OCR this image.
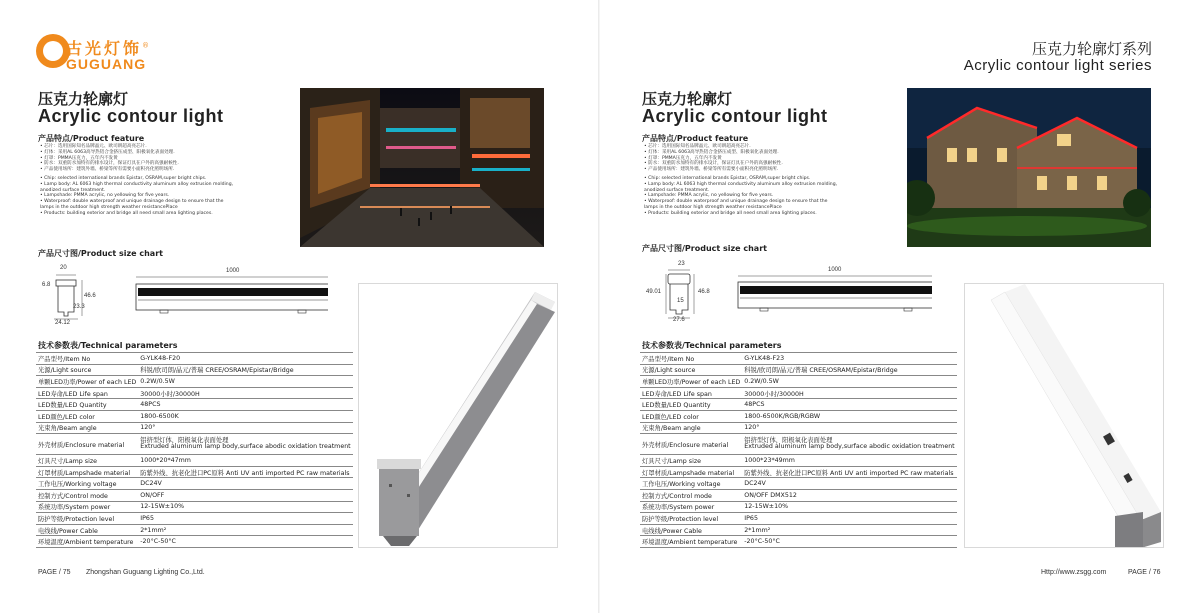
古光灯饰®
GUGUANG
压克力轮廓灯
Acrylic contour light
产品特点/Product feature
• 芯片：选用国际知名品牌晶元、欧司朗超高亮芯片.
• 灯体：采用AL 6063高导热铝合金挤压成型、阳极氧化表面处理.
• 灯罩：PMMA压克力，五年内不发黄
• 防水：双重防水加特有的排水设计，保证灯具在户外的高强耐候性.
• 产品使用场所：建筑外墙、桥梁等所有需要小面积亮化照明场所.
• Chip: selected international brands Epistar, OSRAM,super bright chips.
• Lamp body: AL 6063 high thermal conductivity aluminum alloy extrusion molding,
anodized surface treatment.
• Lampshade: PMMA acrylic, no yellowing for five years.
• Waterproof: double waterproof and unique drainage design to ensure that the
lamps in the outdoor high strength weather resistancePlace
• Products: building exterior and bridge all need small area lighting places.
产品尺寸图/Product size chart
20
6.8
46.6
23.3
24.12
1000
技术参数表/Technical parameters
产品型号/Item No	G-YLK48-F20
光源/Light source	科锐/欧司朗/晶元/普瑞 CREE/OSRAM/Epistar/Bridge
单颗LED功率/Power of each LED	0.2W/0.5W
LED寿命/LED Life span	30000小时/30000H
LED数量/LED Quantity	48PCS
LED颜色/LED color	1800-6500K
光束角/Beam angle	120°
外壳材质/Enclosure material	铝挤型灯体，阳极氧化表面处理
Extruded aluminum lamp body,surface abodic oxidation treatment

灯具尺寸/Lamp size	1000*20*47mm
灯罩材质/Lampshade material	防紫外线、抗老化进口PC原料 Anti UV anti imported PC raw materials
工作电压/Working voltage	DC24V
控制方式/Control mode	ON/OFF
系统功率/System power	12-15W±10%
防护等级/Protection level	IP65
电线线/Power Cable	2*1mm²
环境温度/Ambient temperature	-20°C-50°C
PAGE / 75 Zhongshan Guguang Lighting Co.,Ltd.
压克力轮廓灯系列
Acrylic contour light series
压克力轮廓灯
Acrylic contour light
产品特点/Product feature
• 芯片：选用国际知名品牌晶元、欧司朗超高亮芯片.
• 灯体：采用AL 6063高导热铝合金挤压成型、阳极氧化表面处理.
• 灯罩：PMMA压克力，五年内不发黄
• 防水：双重防水加特有的排水设计，保证灯具在户外的高强耐候性.
• 产品使用场所：建筑外墙、桥梁等所有需要小面积亮化照明场所.
• Chip: selected international brands Epistar, OSRAM,super bright chips.
• Lamp body: AL 6063 high thermal conductivity aluminum alloy extrusion molding,
anodized surface treatment.
• Lampshade: PMMA acrylic, no yellowing for five years.
• Waterproof: double waterproof and unique drainage design to ensure that the
lamps in the outdoor high strength weather resistancePlace
• Products: building exterior and bridge all need small area lighting places.
产品尺寸图/Product size chart
23
49.01	46.8
15
27.6
1000
技术参数表/Technical parameters
产品型号/Item No	G-YLK48-F23
光源/Light source	科锐/欧司朗/晶元/普瑞 CREE/OSRAM/Epistar/Bridge
单颗LED功率/Power of each LED	0.2W/0.5W
LED寿命/LED Life span	30000小时/30000H
LED数量/LED Quantity	48PCS
LED颜色/LED color	1800-6500K/RGB/RGBW
光束角/Beam angle	120°
外壳材质/Enclosure material	铝挤型灯体，阳极氧化表面处理
Extruded aluminum lamp body,surface abodic oxidation treatment

灯具尺寸/Lamp size	1000*23*49mm
灯罩材质/Lampshade material	防紫外线、抗老化进口PC原料 Anti UV anti imported PC raw materials
工作电压/Working voltage	DC24V
控制方式/Control mode	ON/OFF DMX512
系统功率/System power	12-15W±10%
防护等级/Protection level	IP65
电线线/Power Cable	2*1mm²
环境温度/Ambient temperature	-20°C-50°C
Http://www.zsgg.com	PAGE / 76
